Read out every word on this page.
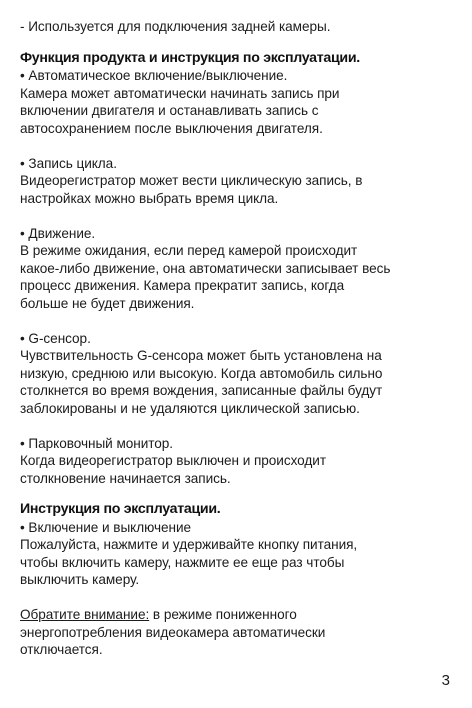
- Используется для подключения задней камеры.
Функция продукта и инструкция по эксплуатации.
• Автоматическое включение/выключение.
Камера может автоматически начинать запись при
включении двигателя и останавливать запись с
автосохранением после выключения двигателя.
• Запись цикла.
Видеорегистратор может вести циклическую запись, в
настройках можно выбрать время цикла.
• Движение.
В режиме ожидания, если перед камерой происходит
какое-либо движение, она автоматически записывает весь
процесс движения. Камера прекратит запись, когда
больше не будет движения.
• G-сенсор.
Чувствительность G-сенсора может быть установлена на
низкую, среднюю или высокую. Когда автомобиль сильно
столкнется во время вождения, записанные файлы будут
заблокированы и не удаляются циклической записью.
• Парковочный монитор.
Когда видеорегистратор выключен и происходит
столкновение начинается запись.
Инструкция по эксплуатации.
• Включение и выключение
Пожалуйста, нажмите и удерживайте кнопку питания,
чтобы включить камеру, нажмите ее еще раз чтобы
выключить камеру.
Обратите внимание: в режиме пониженного
энергопотребления видеокамера автоматически
отключается.
3
